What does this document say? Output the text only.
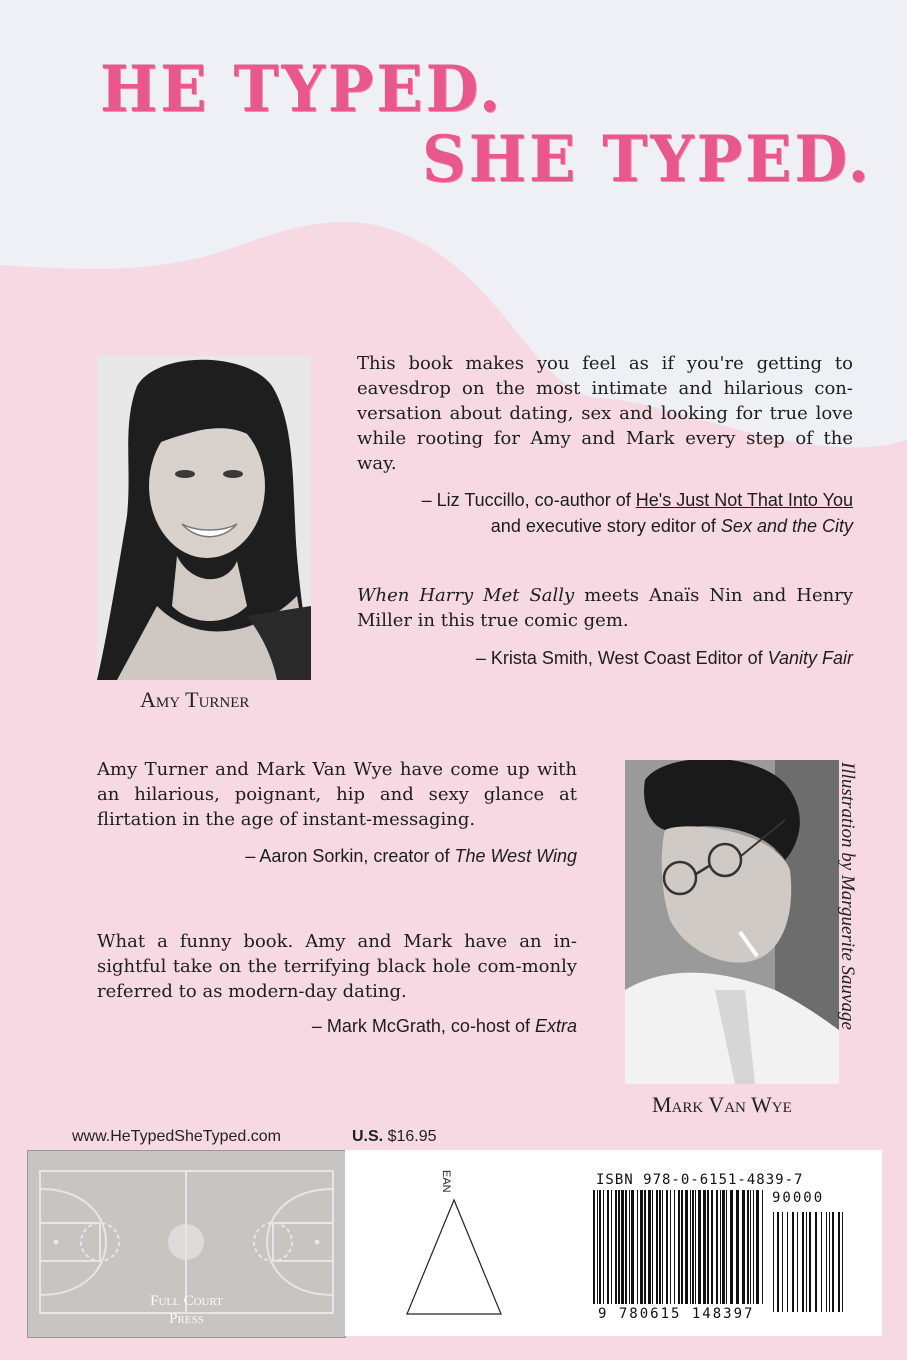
HE TYPED.
SHE TYPED.
Amy Turner
This book makes you feel as if you're getting to eavesdrop on the most intimate and hilarious con-versation about dating, sex and looking for true love while rooting for Amy and Mark every step of the way.
– Liz Tuccillo, co-author of He's Just Not That Into You
and executive story editor of Sex and the City
When Harry Met Sally meets Anaïs Nin and Henry Miller in this true comic gem.
– Krista Smith, West Coast Editor of Vanity Fair
Amy Turner and Mark Van Wye have come up with an hilarious, poignant, hip and sexy glance at flirtation in the age of instant-messaging.
– Aaron Sorkin, creator of The West Wing
What a funny book. Amy and Mark have an in-sightful take on the terrifying black hole com-monly referred to as modern-day dating.
– Mark McGrath, co-host of Extra
Mark Van Wye
Illustration by Marguerite Sauvage
www.HeTypedSheTyped.com	U.S. $16.95
Full Court
Press
EAN	ISBN 978-0-6151-4839-7
90000
9 780615 148397
